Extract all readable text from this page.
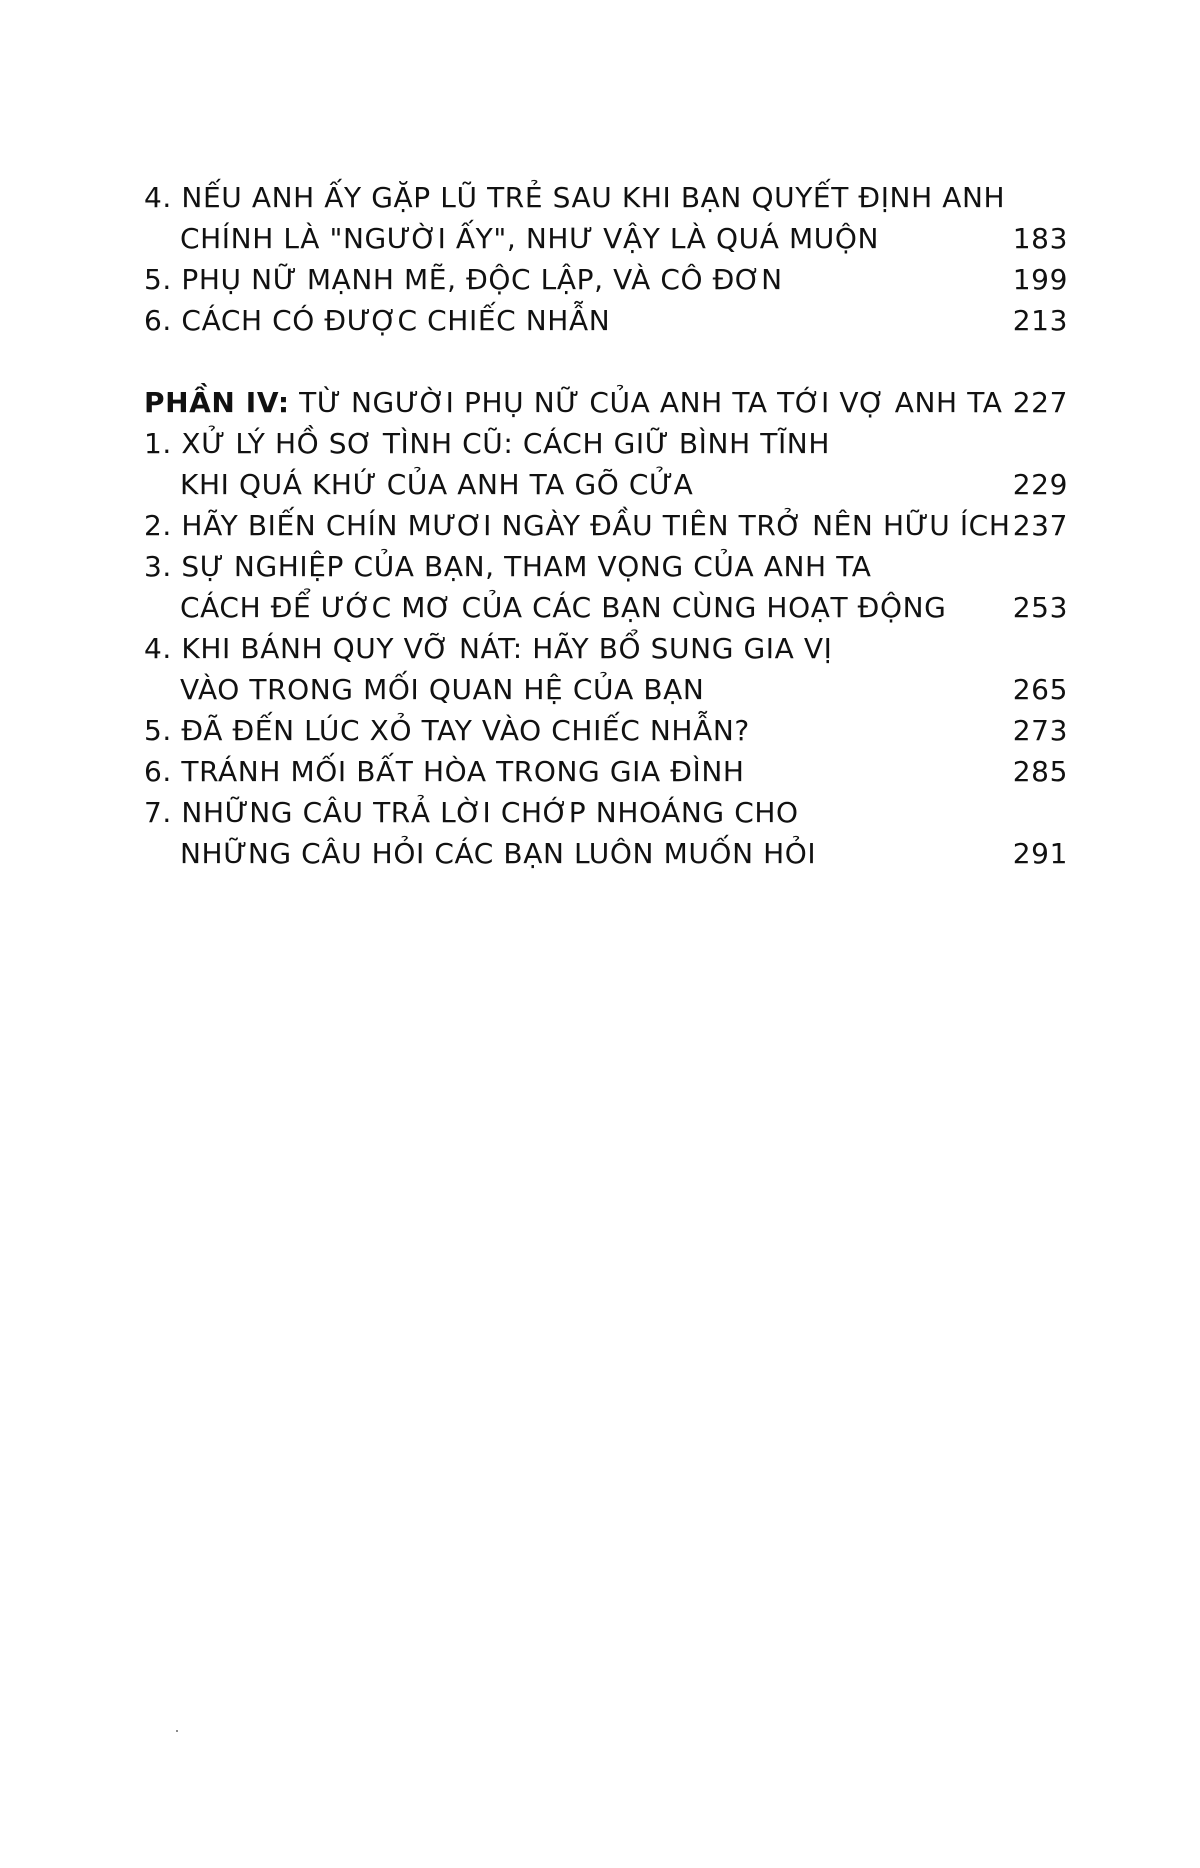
4. NẾU ANH ẤY GẶP LŨ TRẺ SAU KHI BẠN QUYẾT ĐỊNH ANH
CHÍNH LÀ "NGƯỜI ẤY", NHƯ VẬY LÀ QUÁ MUỘN	183
5. PHỤ NỮ MẠNH MẼ, ĐỘC LẬP, VÀ CÔ ĐƠN	199
6. CÁCH CÓ ĐƯỢC CHIẾC NHẪN	213
PHẦN IV: TỪ NGƯỜI PHỤ NỮ CỦA ANH TA TỚI VỢ ANH TA 227
1. XỬ LÝ HỒ SƠ TÌNH CŨ: CÁCH GIỮ BÌNH TĨNH
KHI QUÁ KHỨ CỦA ANH TA GÕ CỬA	229
2. HÃY BIẾN CHÍN MƯƠI NGÀY ĐẦU TIÊN TRỞ NÊN HỮU ÍCH 237
3. SỰ NGHIỆP CỦA BẠN, THAM VỌNG CỦA ANH TA
CÁCH ĐỂ ƯỚC MƠ CỦA CÁC BẠN CÙNG HOẠT ĐỘNG 253
4. KHI BÁNH QUY VỠ NÁT: HÃY BỔ SUNG GIA VỊ
VÀO TRONG MỐI QUAN HỆ CỦA BẠN	265
5. ĐÃ ĐẾN LÚC XỎ TAY VÀO CHIẾC NHẪN?	273
6. TRÁNH MỐI BẤT HÒA TRONG GIA ĐÌNH	285
7. NHỮNG CÂU TRẢ LỜI CHỚP NHOÁNG CHO
NHỮNG CÂU HỎI CÁC BẠN LUÔN MUỐN HỎI	291
